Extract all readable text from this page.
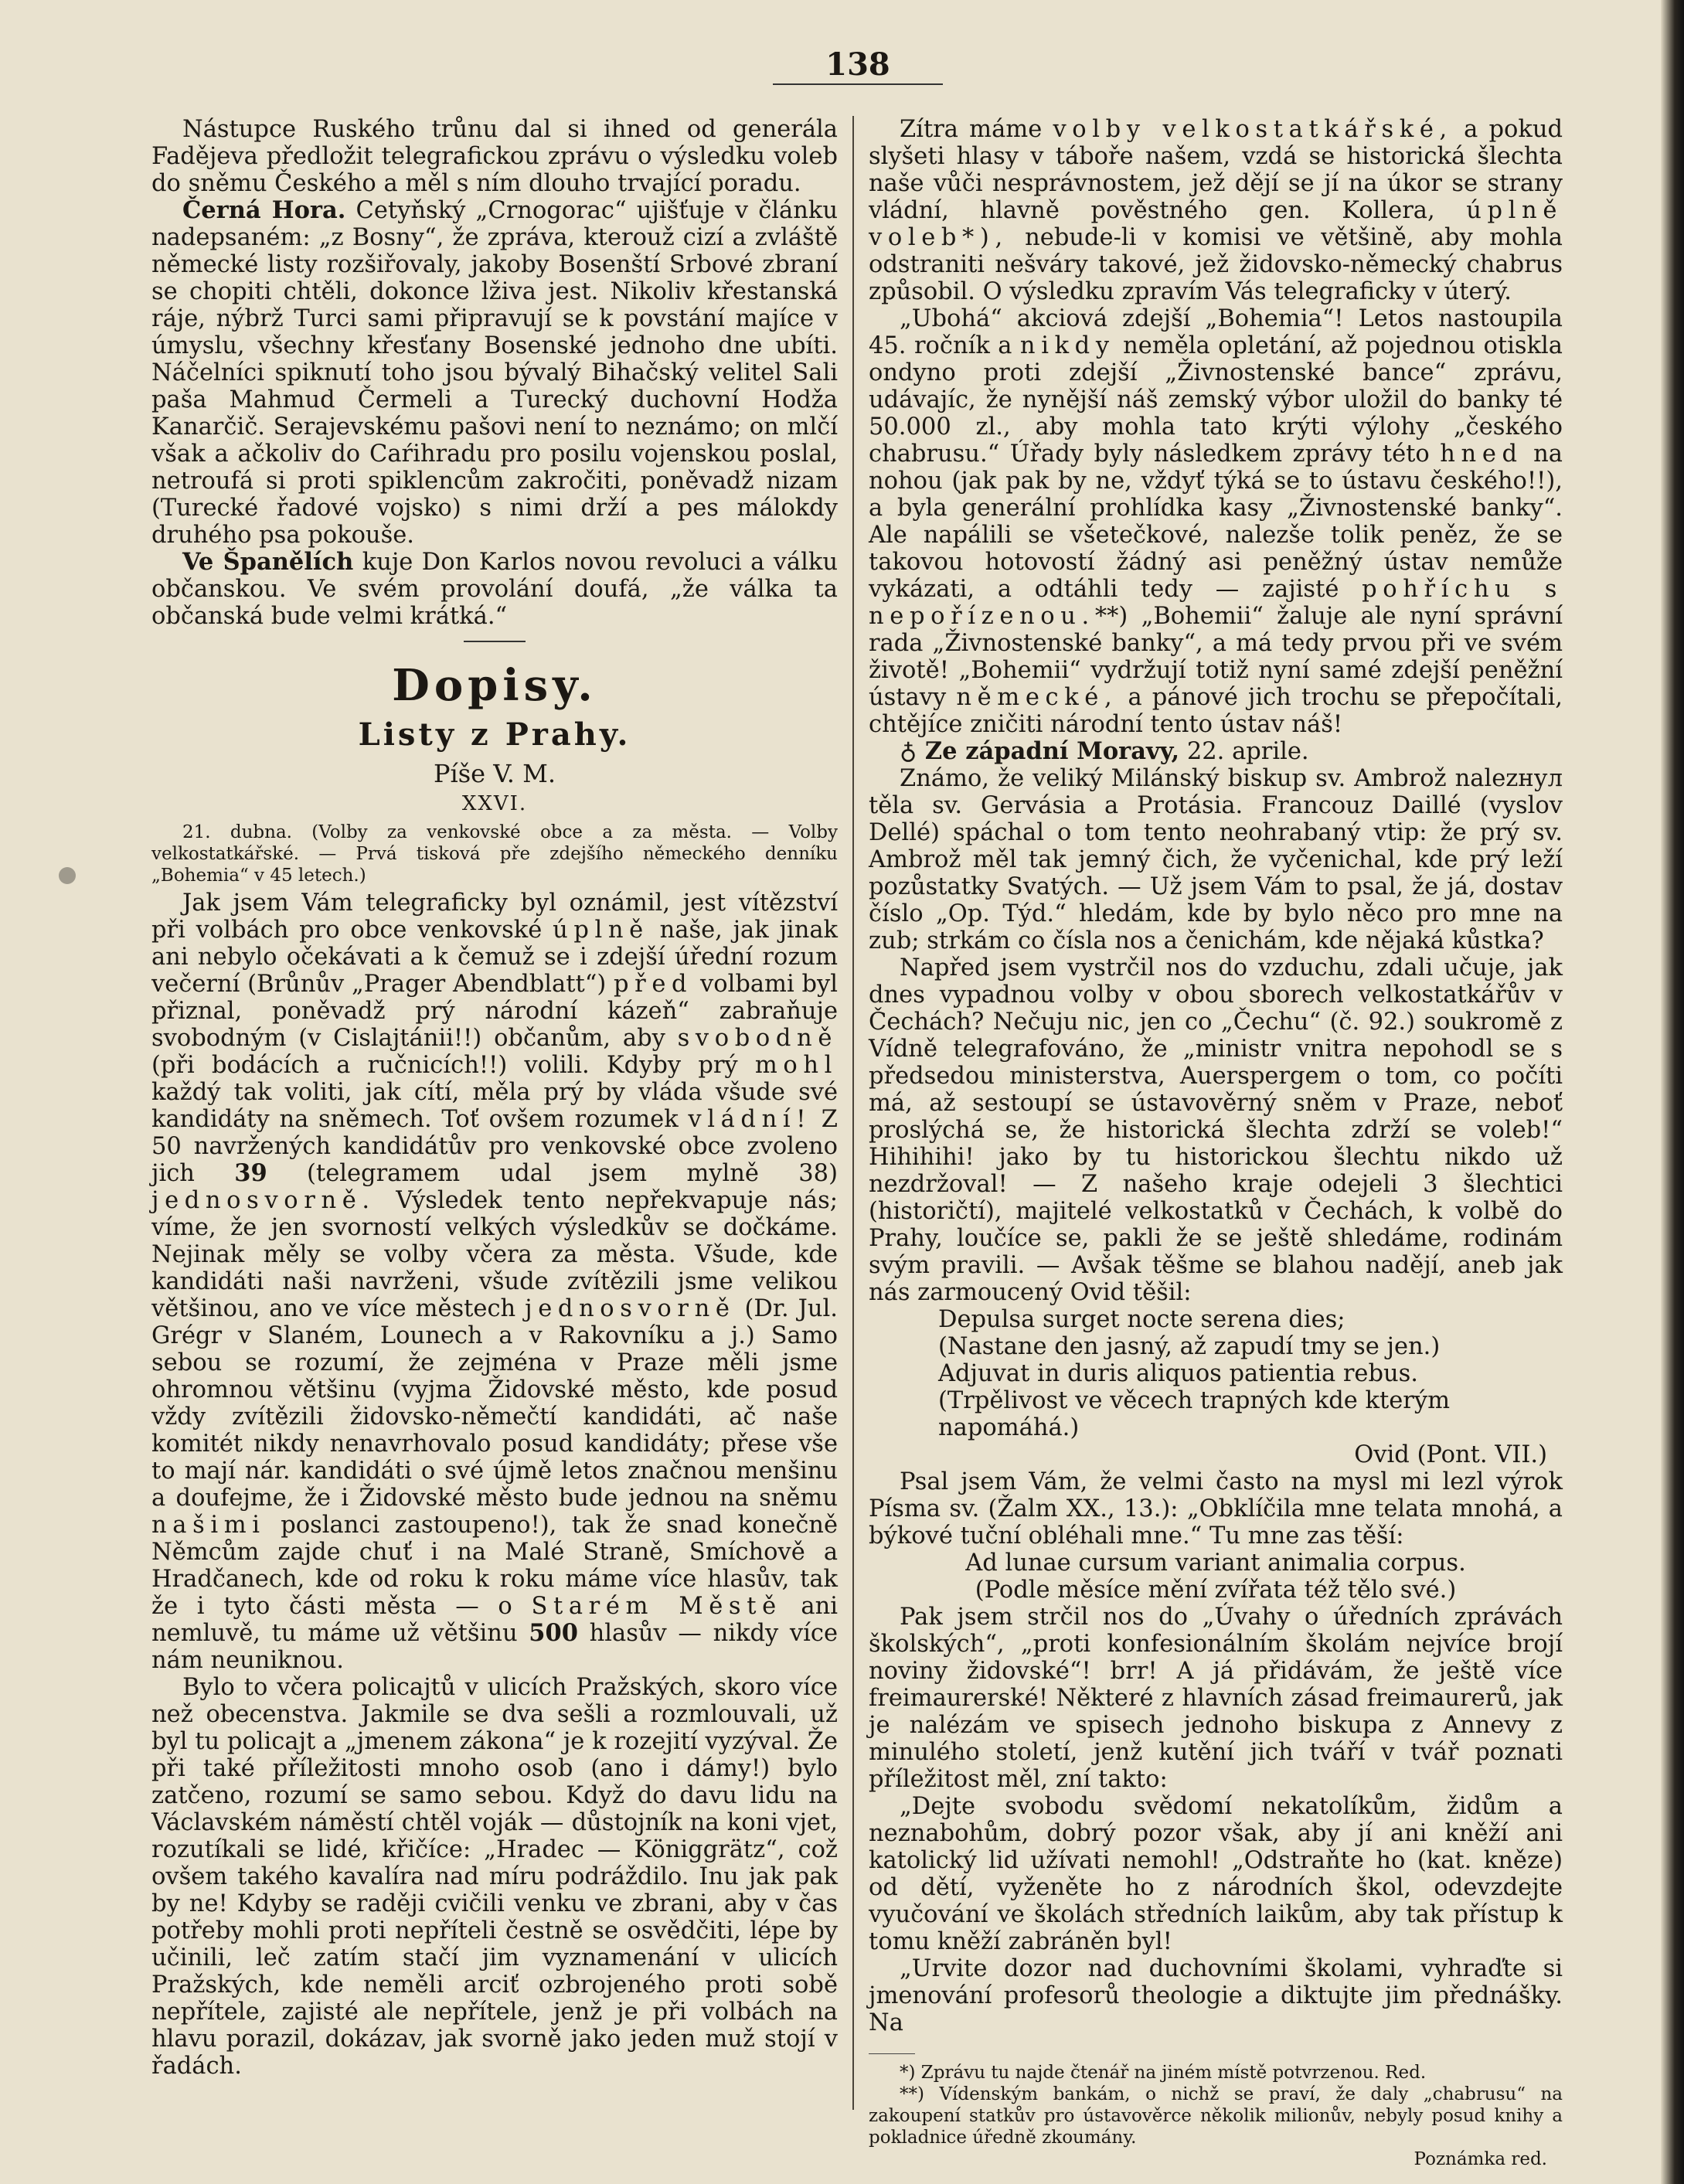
138

Nástupce Ruského trůnu dal si ihned od generála Fadějeva předložit telegrafickou zprávu o výsledku voleb do sněmu Českého a měl s ním dlouho trvající poradu.

Černá Hora. Cetyňský „Crnogorac“ ujišťuje v článku nadepsaném: „z Bosny“, že zpráva, kterouž cizí a zvláště německé listy rozšiřovaly, jakoby Bosenští Srbové zbraní se chopiti chtěli, dokonce lživa jest. Nikoliv křestanská ráje, nýbrž Turci sami připravují se k povstání majíce v úmyslu, všechny křesťany Bosenské jednoho dne ubíti. Náčelníci spiknutí toho jsou bývalý Bihačský velitel Sali paša Mahmud Čermeli a Turecký duchovní Hodža Kanarčič. Serajevskému pašovi není to neznámo; on mlčí však a ačkoliv do Caŕihradu pro posilu vojenskou poslal, netroufá si proti spiklencům zakročiti, poněvadž nizam (Turecké řadové vojsko) s nimi drží a pes málokdy druhého psa pokouše.

Ve Španělích kuje Don Karlos novou revoluci a válku občanskou. Ve svém provolání doufá, „že válka ta občanská bude velmi krátká.“

Dopisy.
Listy z Prahy.
Píše V. M.
XXVI.

21. dubna. (Volby za venkovské obce a za města. — Volby velkostatkářské. — Prvá tisková pře zdejšího německého denníku „Bohemia“ v 45 letech.)

Jak jsem Vám telegraficky byl oznámil, jest vítězství při volbách pro obce venkovské úplně naše, jak jinak ani nebylo očekávati a k čemuž se i zdejší úřední rozum večerní (Brůnův „Prager Abendblatt“) před volbami byl přiznal, poněvadž prý národní kázeň“ zabraňuje svobodným (v Cislajtánii!!) občanům, aby svobodně (při bodácích a ručnicích!!) volili. Kdyby prý mohl každý tak voliti, jak cítí, měla prý by vláda všude své kandidáty na sněmech. Toť ovšem rozumek vládní! Z 50 navržených kandidátův pro venkovské obce zvoleno jich 39 (telegramem udal jsem mylně 38) jednosvorně. Výsledek tento nepřekvapuje nás; víme, že jen svorností velkých výsledkův se dočkáme. Nejinak měly se volby včera za města. Všude, kde kandidáti naši navrženi, všude zvítězili jsme velikou většinou, ano ve více městech jednosvorně (Dr. Jul. Grégr v Slaném, Lounech a v Rakovníku a j.) Samo sebou se rozumí, že zejména v Praze měli jsme ohromnou většinu (vyjma Židovské město, kde posud vždy zvítězili židovsko-němečtí kandidáti, ač naše komitét nikdy nenavrhovalo posud kandidáty; přese vše to mají nár. kandidáti o své újmě letos značnou menšinu a doufejme, že i Židovské město bude jednou na sněmu našimi poslanci zastoupeno!), tak že snad konečně Němcům zajde chuť i na Malé Straně, Smíchově a Hradčanech, kde od roku k roku máme více hlasův, tak že i tyto části města — o Starém Městě ani nemluvě, tu máme už většinu 500 hlasův — nikdy více nám neuniknou.

Bylo to včera policajtů v ulicích Pražských, skoro více než obecenstva. Jakmile se dva sešli a rozmlouvali, už byl tu policajt a „jmenem zákona“ je k rozejití vyzýval. Že při také příležitosti mnoho osob (ano i dámy!) bylo zatčeno, rozumí se samo sebou. Když do davu lidu na Václavském náměstí chtěl voják — důstojník na koni vjet, rozutíkali se lidé, křičíce: „Hradec — Königgrätz“, což ovšem takého kavalíra nad míru podráždilo. Inu jak pak by ne! Kdyby se raději cvičili venku ve zbrani, aby v čas potřeby mohli proti nepříteli čestně se osvědčiti, lépe by učinili, leč zatím stačí jim vyznamenání v ulicích Pražských, kde neměli arciť ozbrojeného proti sobě nepřítele, zajisté ale nepřítele, jenž je při volbách na hlavu porazil, dokázav, jak svorně jako jeden muž stojí v řadách.

Zítra máme volby velkostatkářské, a pokud slyšeti hlasy v táboře našem, vzdá se historická šlechta naše vůči nesprávnostem, jež dějí se jí na úkor se strany vládní, hlavně pověstného gen. Kollera, úplně voleb*), nebude-li v komisi ve většině, aby mohla odstraniti nešváry takové, jež židovsko-německý chabrus způsobil. O výsledku zpravím Vás telegraficky v úterý.

„Ubohá“ akciová zdejší „Bohemia“! Letos nastoupila 45. ročník a nikdy neměla opletání, až pojednou otiskla ondyno proti zdejší „Živnostenské bance“ zprávu, udávajíc, že nynější náš zemský výbor uložil do banky té 50.000 zl., aby mohla tato krýti výlohy „českého chabrusu.“ Úřady byly následkem zprávy této hned na nohou (jak pak by ne, vždyť týká se to ústavu českého!!), a byla generální prohlídka kasy „Živnostenské banky“. Ale napálili se všetečkové, nalezše tolik peněz, že se takovou hotovostí žádný asi peněžný ústav nemůže vykázati, a odtáhli tedy — zajisté pohříchu s nepořízenou.**) „Bohemii“ žaluje ale nyní správní rada „Živnostenské banky“, a má tedy prvou při ve svém životě! „Bohemii“ vydržují totiž nyní samé zdejší peněžní ústavy německé, a pánové jich trochu se přepočítali, chtějíce zničiti národní tento ústav náš!

♁ Ze západní Moravy, 22. aprile.

Známo, že veliký Milánský biskup sv. Ambrož nalezнул těla sv. Gervásia a Protásia. Francouz Daillé (vyslov Dellé) spáchal o tom tento neohrabaný vtip: že prý sv. Ambrož měl tak jemný čich, že vyčenichal, kde prý leží pozůstatky Svatých. — Už jsem Vám to psal, že já, dostav číslo „Op. Týd.“ hledám, kde by bylo něco pro mne na zub; strkám co čísla nos a čenichám, kde nějaká kůstka?

Napřed jsem vystrčil nos do vzduchu, zdali učuje, jak dnes vypadnou volby v obou sborech velkostatkářův v Čechách? Nečuju nic, jen co „Čechu“ (č. 92.) soukromě z Vídně telegrafováno, že „ministr vnitra nepohodl se s předsedou ministerstva, Auerspergem o tom, co počíti má, až sestoupí se ústavověrný sněm v Praze, neboť proslýchá se, že historická šlechta zdrží se voleb!“ Hihihihi! jako by tu historickou šlechtu nikdo už nezdržoval! — Z našeho kraje odejeli 3 šlechtici (historičtí), majitelé velkostatků v Čechách, k volbě do Prahy, loučíce se, pakli že se ještě shledáme, rodinám svým pravili. — Avšak těšme se blahou nadějí, aneb jak nás zarmoucený Ovid těšil:

Depulsa surget nocte serena dies;

(Nastane den jasný, až zapudí tmy se jen.)

Adjuvat in duris aliquos patientia rebus.

(Trpělivost ve věcech trapných kde kterým napomáhá.)

Ovid (Pont. VII.)

Psal jsem Vám, že velmi často na mysl mi lezl výrok Písma sv. (Žalm XX., 13.): „Obklíčila mne telata mnohá, a býkové tuční obléhali mne.“ Tu mne zas těší:

Ad lunae cursum variant animalia corpus.

(Podle měsíce mění zvířata též tělo své.)

Pak jsem strčil nos do „Úvahy o úředních zprávách školských“, „proti konfesionálním školám nejvíce brojí noviny židovské“! brr! A já přidávám, že ještě více freimaurerské! Některé z hlavních zásad freimaurerů, jak je nalézám ve spisech jednoho biskupa z Annevy z minulého století, jenž kutění jich tváří v tvář poznati příležitost měl, zní takto:

„Dejte svobodu svědomí nekatolíkům, židům a neznabohům, dobrý pozor však, aby jí ani kněží ani katolický lid užívati nemohl! „Odstraňte ho (kat. kněze) od dětí, vyženěte ho z národních škol, odevzdejte vyučování ve školách středních laikům, aby tak přístup k tomu kněží zabráněn byl!

„Urvite dozor nad duchovními školami, vyhraďte si jmenování profesorů theologie a diktujte jim přednášky. Na

*) Zprávu tu najde čtenář na jiném místě potvrzenou. Red.

**) Vídenským bankám, o nichž se praví, že daly „chabrusu“ na zakoupení statkův pro ústavověrce několik milionův, nebyly posud knihy a pokladnice úředně zkoumány.

Poznámka red.
